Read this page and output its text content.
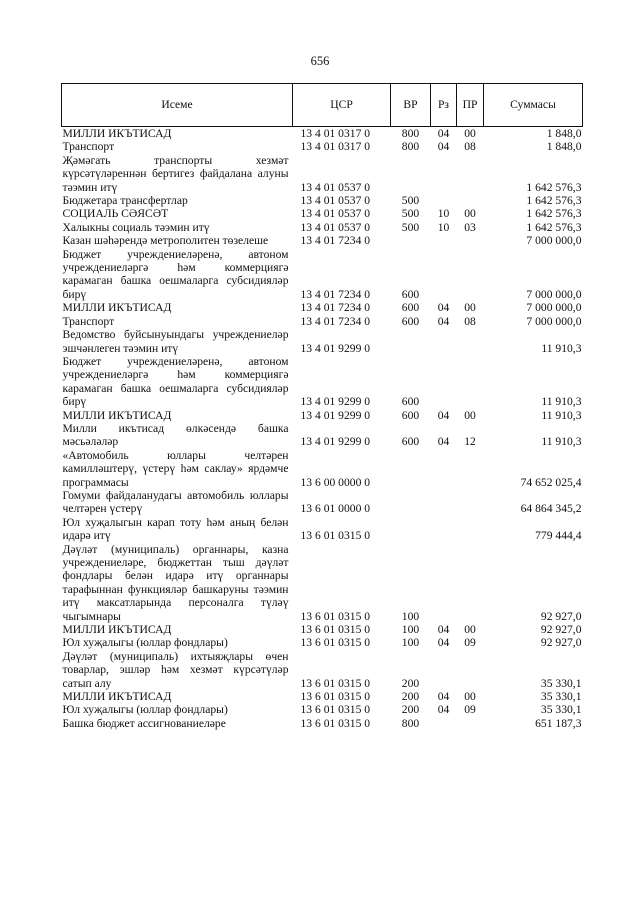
656
Исеме	ЦСР	ВР	Рз	ПР	Суммасы
МИЛЛИ ИКЪТИСАД	13 4 01 0317 0	800	04	00	1 848,0
Транспорт	13 4 01 0317 0	800	04	08	1 848,0
Җәмәгать транспорты хезмәт күрсәтүләреннән бертигез файдалана алуны тәэмин итү	13 4 01 0537 0				1 642 576,3
Бюджетара трансфертлар	13 4 01 0537 0	500			1 642 576,3
СОЦИАЛЬ СӘЯСӘТ	13 4 01 0537 0	500	10	00	1 642 576,3
Халыкны социаль тәэмин итү	13 4 01 0537 0	500	10	03	1 642 576,3
Казан шәһәрендә метрополитен төзелеше	13 4 01 7234 0				7 000 000,0
Бюджет учреждениеләренә, автоном учреждениеләргә һәм коммерциягә карамаган башка оешмаларга субсидияләр бирү	13 4 01 7234 0	600			7 000 000,0
МИЛЛИ ИКЪТИСАД	13 4 01 7234 0	600	04	00	7 000 000,0
Транспорт	13 4 01 7234 0	600	04	08	7 000 000,0
Ведомство буйсынуындагы учреждениеләр эшчәнлеген тәэмин итү	13 4 01 9299 0				11 910,3
Бюджет учреждениеләренә, автоном учреждениеләргә һәм коммерциягә карамаган башка оешмаларга субсидияләр бирү	13 4 01 9299 0	600			11 910,3
МИЛЛИ ИКЪТИСАД	13 4 01 9299 0	600	04	00	11 910,3
Милли икътисад өлкәсендә башка мәсьәләләр	13 4 01 9299 0	600	04	12	11 910,3
«Автомобиль юллары челтәрен камилләштерү, үстерү һәм саклау» ярдәмче программасы	13 6 00 0000 0				74 652 025,4
Гомуми файдаланудагы автомобиль юллары челтәрен үстерү	13 6 01 0000 0				64 864 345,2
Юл хуҗалыгын карап тоту һәм аның белән идарә итү	13 6 01 0315 0				779 444,4
Дәүләт (муниципаль) органнары, казна учреждениеләре, бюджеттан тыш дәүләт фондлары белән идарә итү органнары тарафыннан функцияләр башкаруны тәэмин итү максатларында персоналга түләү чыгымнары	13 6 01 0315 0	100			92 927,0
МИЛЛИ ИКЪТИСАД	13 6 01 0315 0	100	04	00	92 927,0
Юл хуҗалыгы (юллар фондлары)	13 6 01 0315 0	100	04	09	92 927,0
Дәүләт (муниципаль) ихтыяҗлары өчен товарлар, эшләр һәм хезмәт күрсәтүләр сатып алу	13 6 01 0315 0	200			35 330,1
МИЛЛИ ИКЪТИСАД	13 6 01 0315 0	200	04	00	35 330,1
Юл хуҗалыгы (юллар фондлары)	13 6 01 0315 0	200	04	09	35 330,1
Башка бюджет ассигнованиеләре	13 6 01 0315 0	800			651 187,3
